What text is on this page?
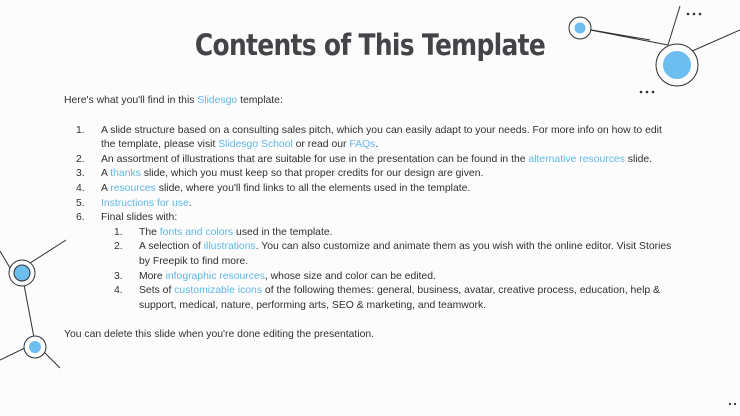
Contents of This Template

Here's what you'll find in this Slidesgo template:

1. A slide structure based on a consulting sales pitch, which you can easily adapt to your needs. For more info on how to edit the template, please visit Slidesgo School or read our FAQs.
2. An assortment of illustrations that are suitable for use in the presentation can be found in the alternative resources slide.
3. A thanks slide, which you must keep so that proper credits for our design are given.
4. A resources slide, where you'll find links to all the elements used in the template.
5. Instructions for use.
6. Final slides with:
1. The fonts and colors used in the template.
2. A selection of illustrations. You can also customize and animate them as you wish with the online editor. Visit Stories by Freepik to find more.
3. More infographic resources, whose size and color can be edited.
4. Sets of customizable icons of the following themes: general, business, avatar, creative process, education, help & support, medical, nature, performing arts, SEO & marketing, and teamwork.

You can delete this slide when you're done editing the presentation.
